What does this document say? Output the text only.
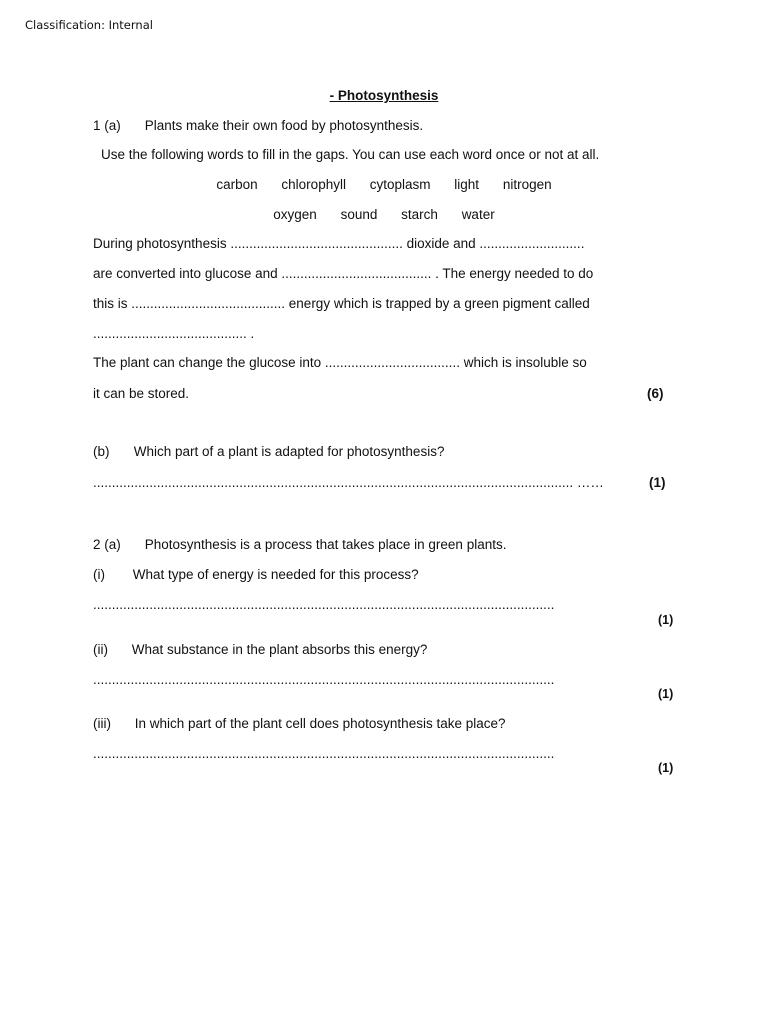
Classification: Internal
- Photosynthesis
1 (a) Plants make their own food by photosynthesis.
Use the following words to fill in the gaps. You can use each word once or not at all.
carbon chlorophyll cytoplasm light nitrogen
oxygen sound starch water
During photosynthesis .............................................. dioxide and ............................
are converted into glucose and ........................................ . The energy needed to do
this is ......................................... energy which is trapped by a green pigment called
......................................... .
The plant can change the glucose into .................................... which is insoluble so
it can be stored.	(6)
(b) Which part of a plant is adapted for photosynthesis?
................................................................................................................................ ……	(1)
2 (a) Photosynthesis is a process that takes place in green plants.
(i) What type of energy is needed for this process?
...........................................................................................................................
(1)
(ii) What substance in the plant absorbs this energy?
...........................................................................................................................
(1)
(iii) In which part of the plant cell does photosynthesis take place?
...........................................................................................................................
(1)
